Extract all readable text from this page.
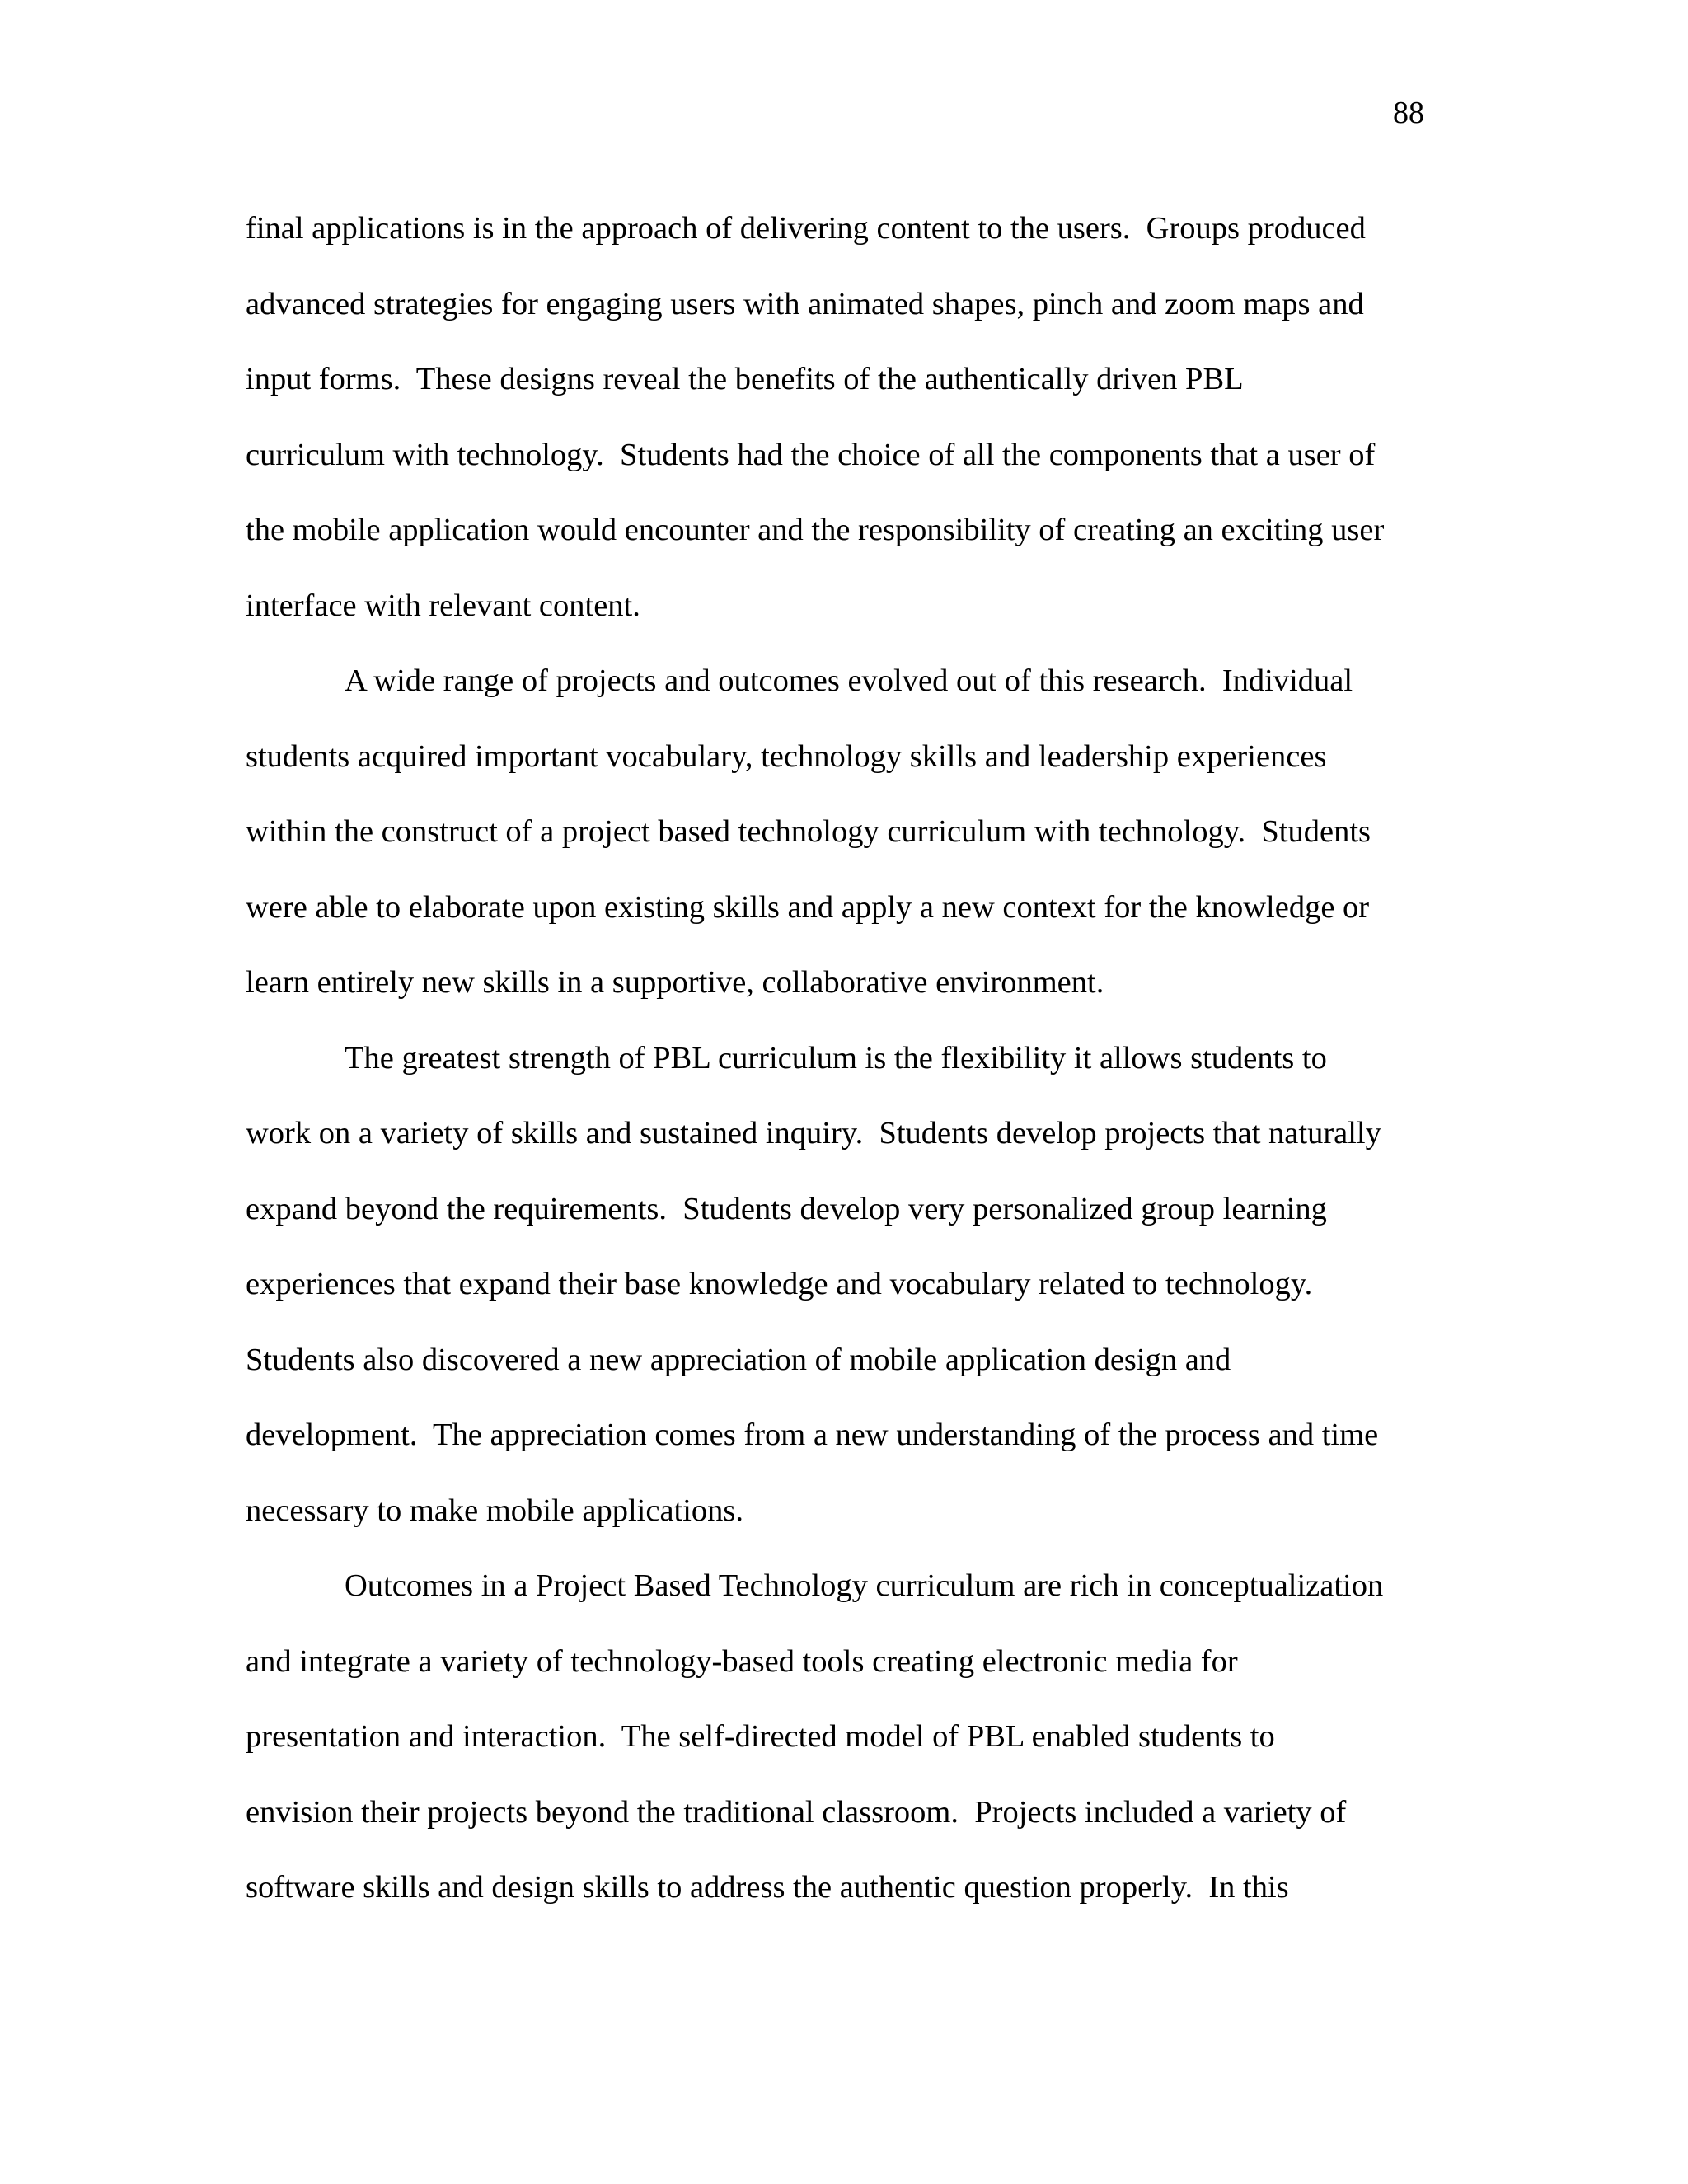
88
final applications is in the approach of delivering content to the users.  Groups produced
advanced strategies for engaging users with animated shapes, pinch and zoom maps and
input forms.  These designs reveal the benefits of the authentically driven PBL
curriculum with technology.  Students had the choice of all the components that a user of
the mobile application would encounter and the responsibility of creating an exciting user
interface with relevant content.
A wide range of projects and outcomes evolved out of this research.  Individual
students acquired important vocabulary, technology skills and leadership experiences
within the construct of a project based technology curriculum with technology.  Students
were able to elaborate upon existing skills and apply a new context for the knowledge or
learn entirely new skills in a supportive, collaborative environment.
The greatest strength of PBL curriculum is the flexibility it allows students to
work on a variety of skills and sustained inquiry.  Students develop projects that naturally
expand beyond the requirements.  Students develop very personalized group learning
experiences that expand their base knowledge and vocabulary related to technology.
Students also discovered a new appreciation of mobile application design and
development.  The appreciation comes from a new understanding of the process and time
necessary to make mobile applications.
Outcomes in a Project Based Technology curriculum are rich in conceptualization
and integrate a variety of technology-based tools creating electronic media for
presentation and interaction.  The self-directed model of PBL enabled students to
envision their projects beyond the traditional classroom.  Projects included a variety of
software skills and design skills to address the authentic question properly.  In this
